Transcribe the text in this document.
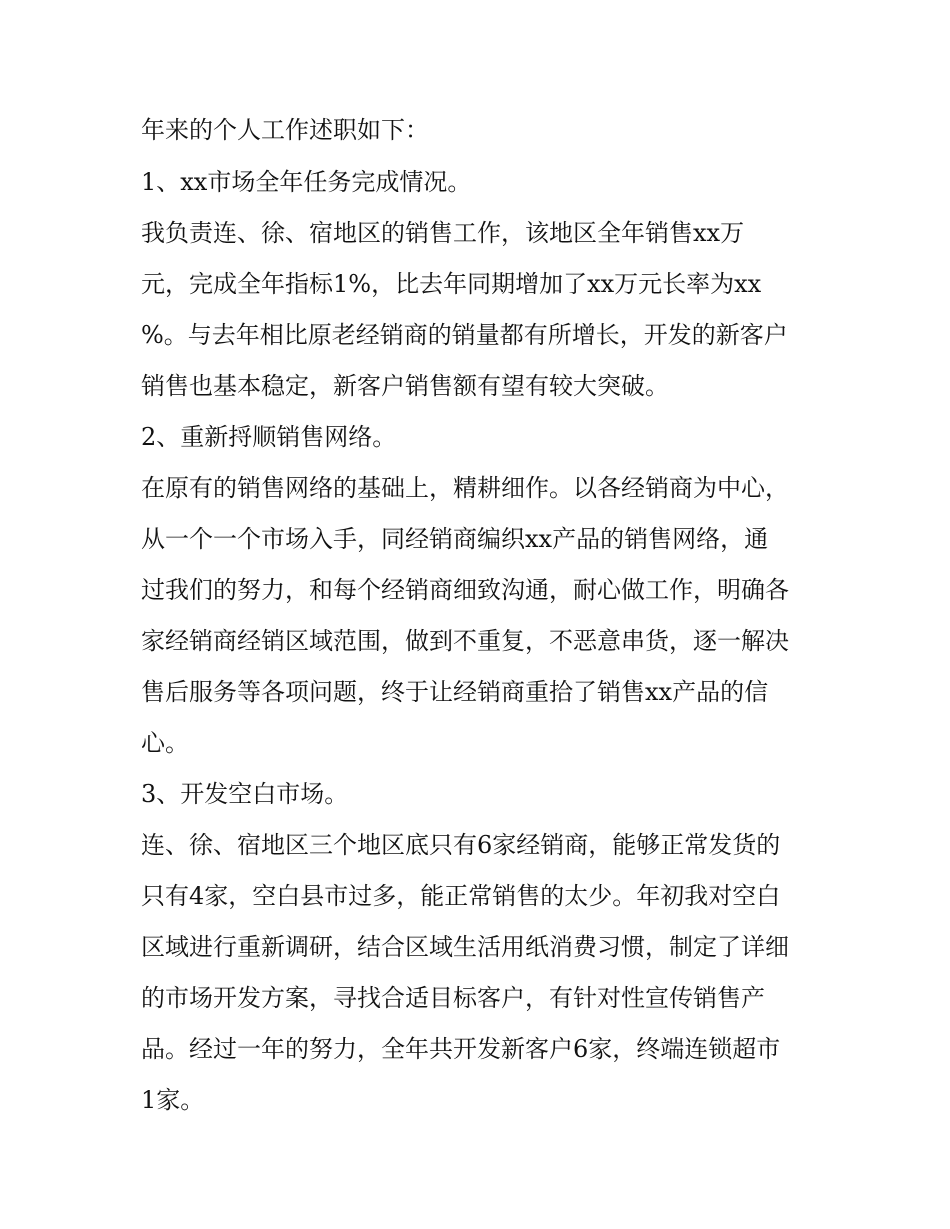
年来的个人工作述职如下：
1、xx市场全年任务完成情况。
我负责连、徐、宿地区的销售工作，该地区全年销售xx万
元，完成全年指标1%，比去年同期增加了xx万元长率为xx
%。与去年相比原老经销商的销量都有所增长，开发的新客户
销售也基本稳定，新客户销售额有望有较大突破。
2、重新捋顺销售网络。
在原有的销售网络的基础上，精耕细作。以各经销商为中心，
从一个一个市场入手，同经销商编织xx产品的销售网络，通
过我们的努力，和每个经销商细致沟通，耐心做工作，明确各
家经销商经销区域范围，做到不重复，不恶意串货，逐一解决
售后服务等各项问题，终于让经销商重拾了销售xx产品的信
心。
3、开发空白市场。
连、徐、宿地区三个地区底只有6家经销商，能够正常发货的
只有4家，空白县市过多，能正常销售的太少。年初我对空白
区域进行重新调研，结合区域生活用纸消费习惯，制定了详细
的市场开发方案，寻找合适目标客户，有针对性宣传销售产
品。经过一年的努力，全年共开发新客户6家，终端连锁超市
1家。
